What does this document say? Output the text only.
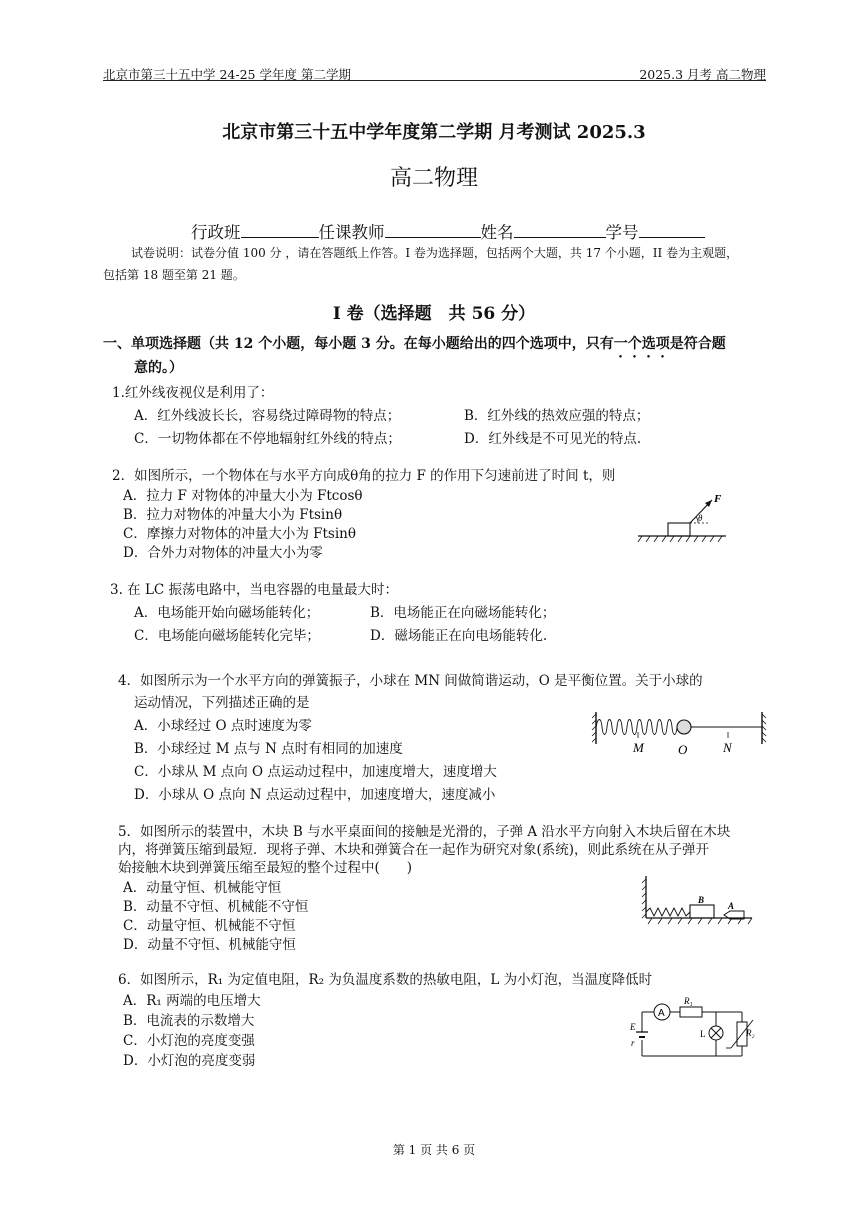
北京市第三十五中学 24-25 学年度 第二学期	2025.3 月考 高二物理
北京市第三十五中学年度第二学期 月考测试 2025.3
高二物理
行政班	任课教师	姓名	学号
试卷说明：试卷分值 100 分 ，请在答题纸上作答。I 卷为选择题，包括两个大题，共 17 个小题，II 卷为主观题，
包括第 18 题至第 21 题。
I 卷（选择题　共 56 分）
一、单项选择题（共 12 个小题，每小题 3 分。在每小题给出的四个选项中，只有一个选项是符合题
意的。）
1.红外线夜视仪是利用了：
A．红外线波长长，容易绕过障碍物的特点；	B．红外线的热效应强的特点；
C．一切物体都在不停地辐射红外线的特点；	D．红外线是不可见光的特点.
2．如图所示，一个物体在与水平方向成θ角的拉力 F 的作用下匀速前进了时间 t，则
A．拉力 F 对物体的冲量大小为 Ftcosθ
B．拉力对物体的冲量大小为 Ftsinθ
C．摩擦力对物体的冲量大小为 Ftsinθ
D．合外力对物体的冲量大小为零
F
θ
3. 在 LC 振荡电路中，当电容器的电量最大时：
A．电场能开始向磁场能转化；	B．电场能正在向磁场能转化；
C．电场能向磁场能转化完毕；	D．磁场能正在向电场能转化.
4．如图所示为一个水平方向的弹簧振子，小球在 MN 间做简谐运动，O 是平衡位置。关于小球的
运动情况，下列描述正确的是
A．小球经过 O 点时速度为零
B．小球经过 M 点与 N 点时有相同的加速度
C．小球从 M 点向 O 点运动过程中，加速度增大，速度增大
D．小球从 O 点向 N 点运动过程中，加速度增大，速度减小
M	O	N
5．如图所示的装置中，木块 B 与水平桌面间的接触是光滑的，子弹 A 沿水平方向射入木块后留在木块
内，将弹簧压缩到最短．现将子弹、木块和弹簧合在一起作为研究对象(系统)，则此系统在从子弹开
始接触木块到弹簧压缩至最短的整个过程中(　　)
A．动量守恒、机械能守恒
B．动量不守恒、机械能不守恒
C．动量守恒、机械能不守恒
D．动量不守恒、机械能守恒
B
A
6．如图所示，R₁ 为定值电阻，R₂ 为负温度系数的热敏电阻，L 为小灯泡，当温度降低时
A．R₁ 两端的电压增大
B．电流表的示数增大
C．小灯泡的亮度变强
D．小灯泡的亮度变弱
A
R₁
R₂
L
E
r
第 1 页 共 6 页
